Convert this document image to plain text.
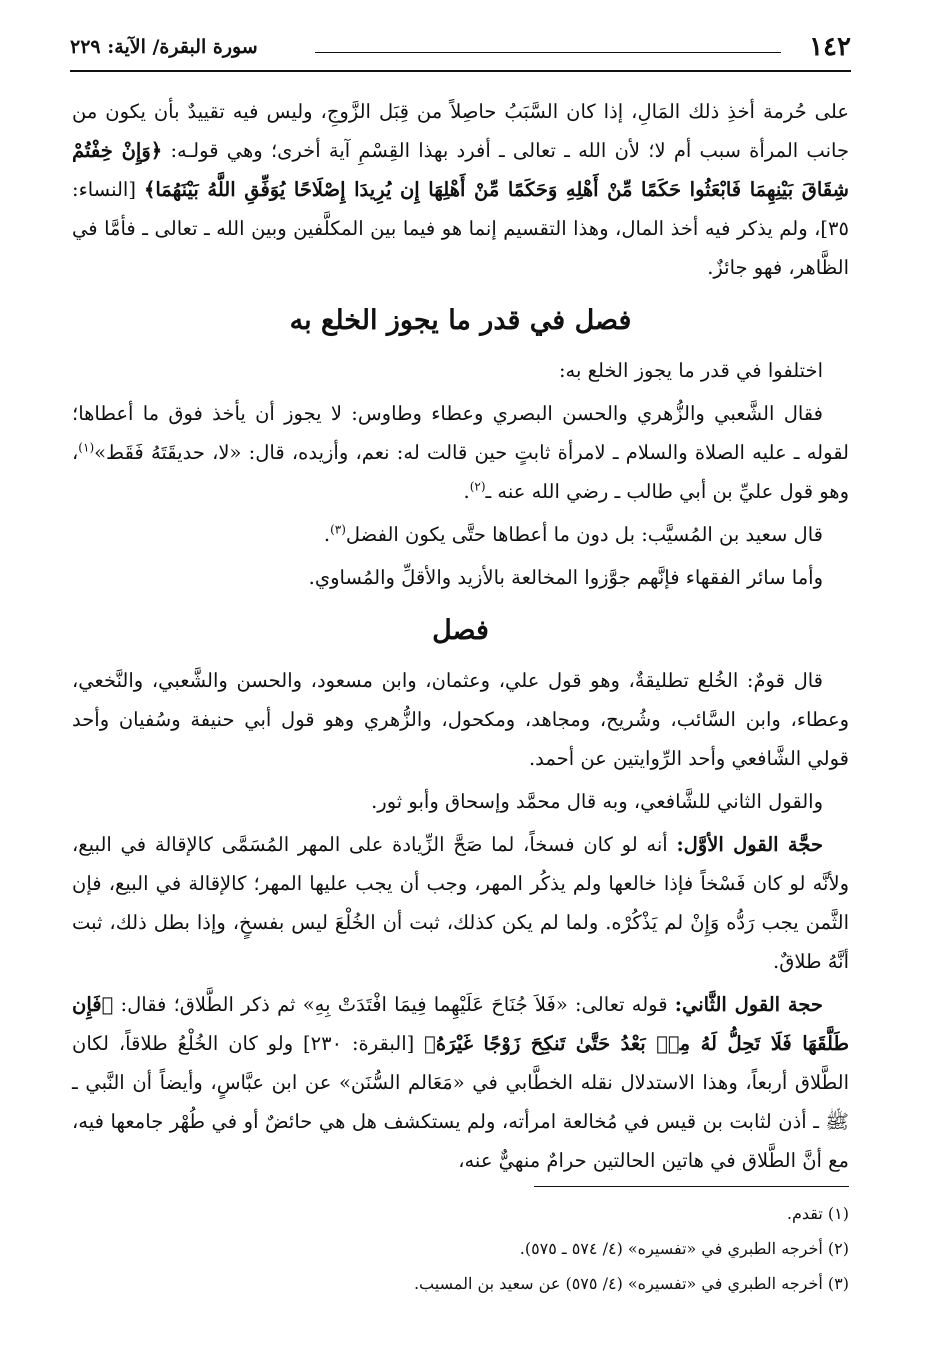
١٤٢
سورة البقرة/ الآية: ٢٢٩

على حُرمة أخذِ ذلك المَالِ، إذا كان السَّبَبُ حاصِلاً من قِبَل الزَّوجِ، وليس فيه تقييدٌ بأن يكون من جانب المرأة سبب أم لا؛ لأن الله ـ تعالى ـ أفرد بهذا القِسْمِ آية أخرى؛ وهي قولـه: ﴿وَإِنْ خِفْتُمْ شِقَاقَ بَيْنِهِمَا فَابْعَثُوا حَكَمًا مِّنْ أَهْلِهِ وَحَكَمًا مِّنْ أَهْلِهَا إِن يُرِيدَا إِصْلَاحًا يُوَفِّقِ اللَّهُ بَيْنَهُمَا﴾ [النساء: ٣٥]، ولم يذكر فيه أخذ المال، وهذا التقسيم إنما هو فيما بين المكلَّفين وبين الله ـ تعالى ـ فأمَّا في الظَّاهر، فهو جائزٌ.

فصل في قدر ما يجوز الخلع به

اختلفوا في قدر ما يجوز الخلع به:

فقال الشَّعبي والزُّهري والحسن البصري وعطاء وطاوس: لا يجوز أن يأخذ فوق ما أعطاها؛ لقوله ـ عليه الصلاة والسلام ـ لامرأة ثابتٍ حين قالت له: نعم، وأزيده، قال: «لا، حديقَتَهُ فَقَط»$^{(١)}$، وهو قول عليِّ بن أبي طالب ـ رضي الله عنه ـ$^{(٢)}$.

قال سعيد بن المُسيَّب: بل دون ما أعطاها حتَّى يكون الفضل$^{(٣)}$.

وأما سائر الفقهاء فإنَّهم جوَّزوا المخالعة بالأزيد والأقلِّ والمُساوي.

فصل

قال قومٌ: الخُلع تطليقةٌ، وهو قول علي، وعثمان، وابن مسعود، والحسن والشَّعبي، والنَّخعي، وعطاء، وابن السَّائب، وشُريح، ومجاهد، ومكحول، والزُّهري وهو قول أبي حنيفة وسُفيان وأحد قولي الشَّافعي وأحد الرِّوايتين عن أحمد.

والقول الثاني للشَّافعي، وبه قال محمَّد وإسحاق وأبو ثور.

حجَّة القول الأوَّل: أنه لو كان فسخاً، لما صَحَّ الزِّيادة على المهر المُسَمَّى كالإقالة في البيع، ولأنَّه لو كان فَسْخاً فإذا خالعها ولم يذكُر المهر، وجب أن يجب عليها المهر؛ كالإقالة في البيع، فإن الثَّمن يجب رَدُّه وَإِنْ لم يَذْكُرْه. ولما لم يكن كذلك، ثبت أن الخُلْعَ ليس بفسخٍ، وإذا بطل ذلك، ثبت أنَّهُ طلاقٌ.

حجة القول الثَّاني: قوله تعالى: «فَلاَ جُنَاحَ عَلَيْهِما فِيمَا افْتَدَتْ بِهِ» ثم ذكر الطَّلاق؛ فقال: ﴿فَإِن طَلَّقَهَا فَلَا تَحِلُّ لَهُ مِنۢ بَعْدُ حَتَّىٰ تَنكِحَ زَوْجًا غَيْرَهُ﴾ [البقرة: ٢٣٠] ولو كان الخُلْعُ طلاقاً، لكان الطَّلاق أربعاً، وهذا الاستدلال نقله الخطَّابي في «مَعَالم السُّنَن» عن ابن عبَّاسٍ، وأيضاً أن النَّبي ـ ﷺ ـ أذن لثابت بن قيس في مُخالعة امرأته، ولم يستكشف هل هي حائضٌ أو في طُهْر جامعها فيه، مع أنَّ الطَّلاق في هاتين الحالتين حرامٌ منهيٌّ عنه،

(١) تقدم.

(٢) أخرجه الطبري في «تفسيره» (٤/ ٥٧٤ ـ ٥٧٥).

(٣) أخرجه الطبري في «تفسيره» (٤/ ٥٧٥) عن سعيد بن المسيب.
